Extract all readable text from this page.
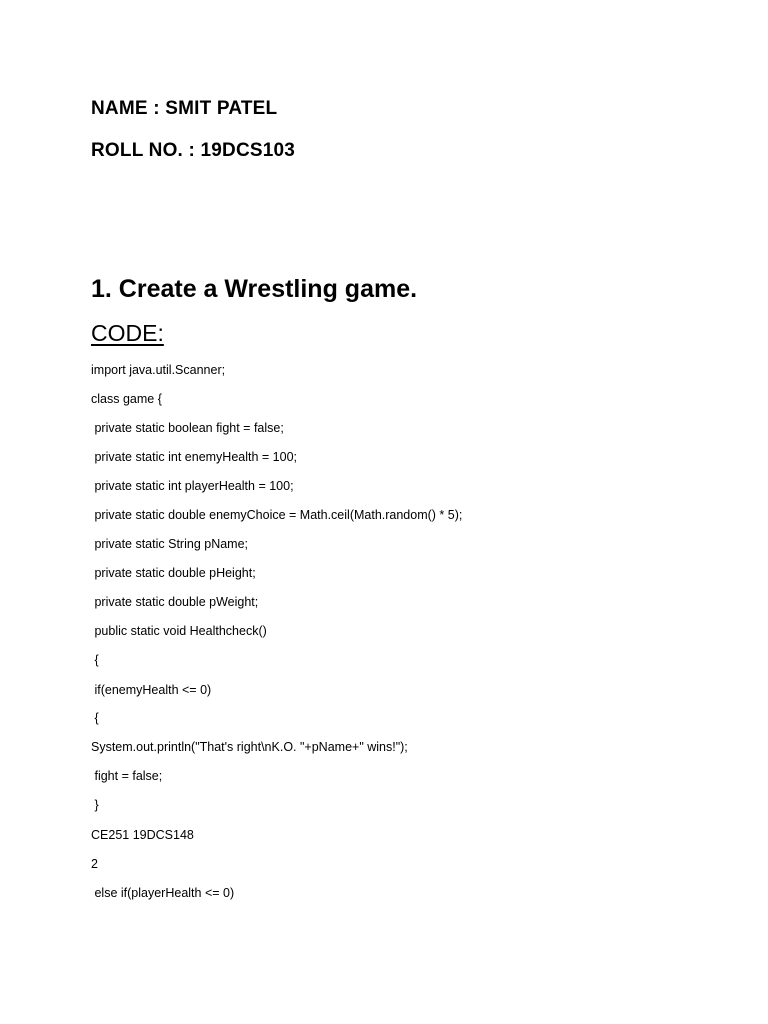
NAME : SMIT PATEL
ROLL NO. : 19DCS103
1. Create a Wrestling game.
CODE:
import java.util.Scanner;
class game {
private static boolean fight = false;
private static int enemyHealth = 100;
private static int playerHealth = 100;
private static double enemyChoice = Math.ceil(Math.random() * 5);
private static String pName;
private static double pHeight;
private static double pWeight;
public static void Healthcheck()
{
if(enemyHealth <= 0)
{
System.out.println("That's right\nK.O. "+pName+" wins!");
fight = false;
}
CE251 19DCS148
2
else if(playerHealth <= 0)
